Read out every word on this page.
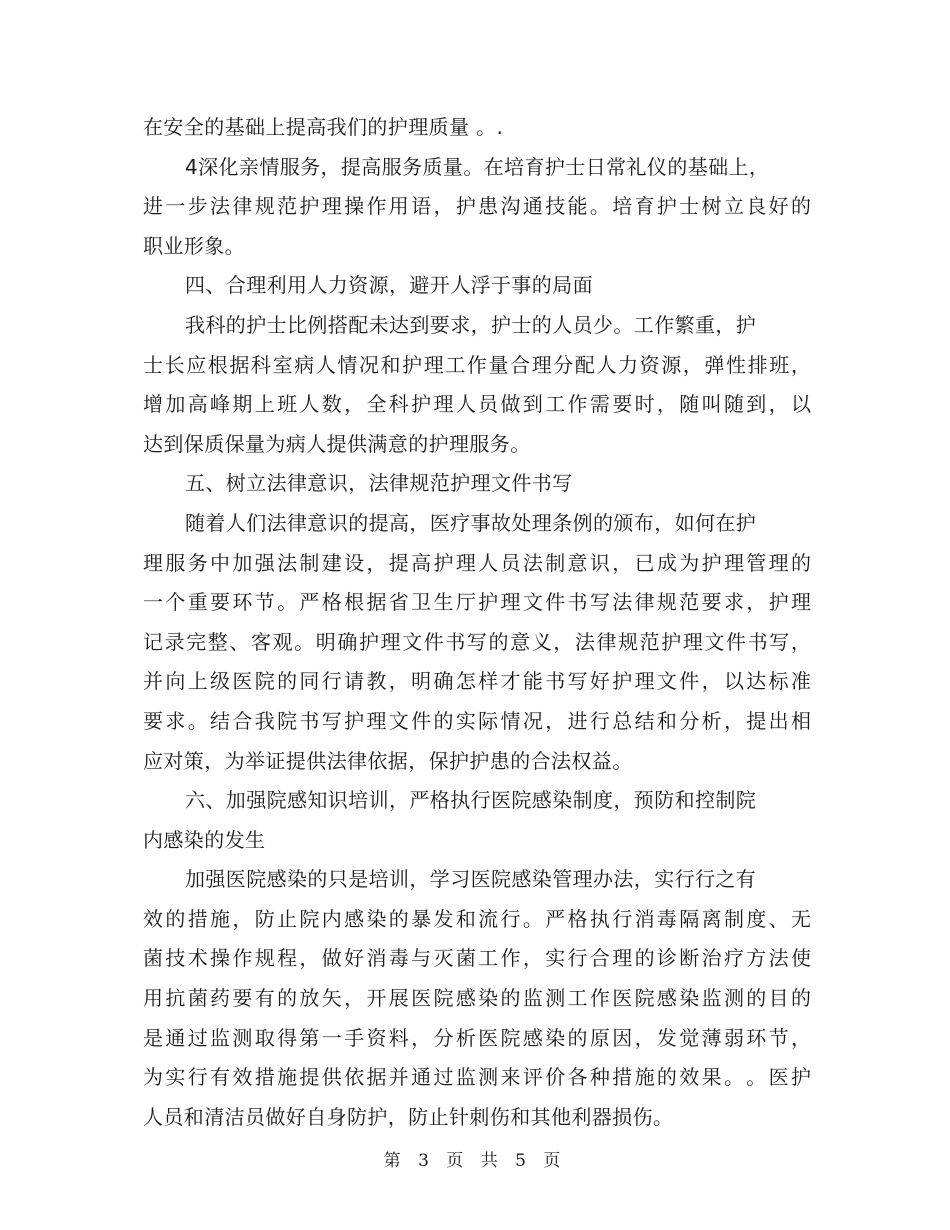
在安全的基础上提高我们的护理质量 。.
4深化亲情服务，提高服务质量。在培育护士日常礼仪的基础上，
进 一 步 法 律 规 范 护 理 操 作 用 语 ， 护 患 沟 通 技 能 。 培 育 护 士 树 立 良 好 的
职业形象。
四、合理利用人力资源，避开人浮于事的局面
我科的护士比例搭配未达到要求，护士的人员少。工作繁重，护
士 长 应 根 据 科 室 病 人 情 况 和 护 理 工 作 量 合 理 分 配 人 力 资 源 ， 弹 性 排 班 ，
增 加 高 峰 期 上 班 人 数 ， 全 科 护 理 人 员 做 到 工 作 需 要 时 ， 随 叫 随 到 ， 以
达到保质保量为病人提供满意的护理服务。
五、树立法律意识，法律规范护理文件书写
随着人们法律意识的提高，医疗事故处理条例的颁布，如何在护
理 服 务 中 加 强 法 制 建 设 ， 提 高 护 理 人 员 法 制 意 识 ， 已 成 为 护 理 管 理 的
一 个 重 要 环 节 。 严 格 根 据 省 卫 生 厅 护 理 文 件 书 写 法 律 规 范 要 求 ， 护 理
记 录 完 整 、 客 观 。 明 确 护 理 文 件 书 写 的 意 义 ， 法 律 规 范 护 理 文 件 书 写 ，
并 向 上 级 医 院 的 同 行 请 教 ， 明 确 怎 样 才 能 书 写 好 护 理 文 件 ， 以 达 标 准
要 求 。 结 合 我 院 书 写 护 理 文 件 的 实 际 情 况 ， 进 行 总 结 和 分 析 ， 提 出 相
应对策，为举证提供法律依据，保护护患的合法权益。
六、加强院感知识培训，严格执行医院感染制度，预防和控制院
内感染的发生
加强医院感染的只是培训，学习医院感染管理办法，实行行之有
效 的 措 施 ， 防 止 院 内 感 染 的 暴 发 和 流 行 。 严 格 执 行 消 毒 隔 离 制 度 、 无
菌 技 术 操 作 规 程 ， 做 好 消 毒 与 灭 菌 工 作 ， 实 行 合 理 的 诊 断 治 疗 方 法 使
用 抗 菌 药 要 有 的 放 矢 ， 开 展 医 院 感 染 的 监 测 工 作 医 院 感 染 监 测 的 目 的
是 通 过 监 测 取 得 第 一 手 资 料 ， 分 析 医 院 感 染 的 原 因 ， 发 觉 薄 弱 环 节 ，
为 实 行 有 效 措 施 提 供 依 据 并 通 过 监 测 来 评 价 各 种 措 施 的 效 果 。 。 医 护
人员和清洁员做好自身防护，防止针刺伤和其他利器损伤。
第 3 页 共 5 页
